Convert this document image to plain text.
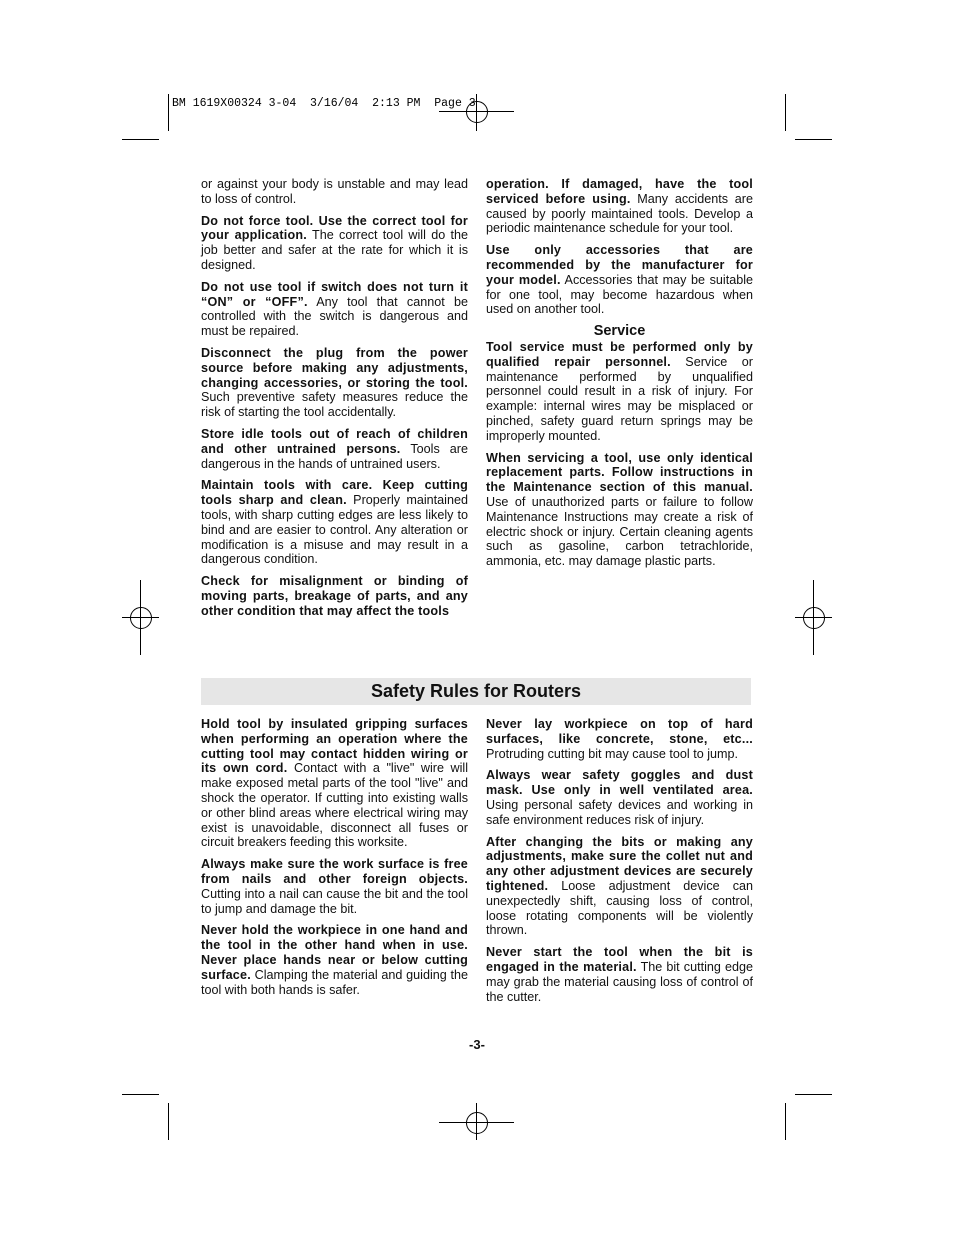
BM 1619X00324 3-04  3/16/04  2:13 PM  Page 3

or against your body is unstable and may lead to loss of control.

Do not force tool. Use the correct tool for your application. The correct tool will do the job better and safer at the rate for which it is designed.

Do not use tool if switch does not turn it “ON” or “OFF”. Any tool that cannot be controlled with the switch is dangerous and must be repaired.

Disconnect the plug from the power source before making any adjustments, changing accessories, or storing the tool. Such preventive safety measures reduce the risk of starting the tool accidentally.

Store idle tools out of reach of children and other untrained persons. Tools are dangerous in the hands of untrained users.

Maintain tools with care. Keep cutting tools sharp and clean. Properly maintained tools, with sharp cutting edges are less likely to bind and are easier to control. Any alteration or modification is a misuse and may result in a dangerous condition.

Check for misalignment or binding of moving parts, breakage of parts, and any other condition that may affect the tools

operation. If damaged, have the tool serviced before using. Many accidents are caused by poorly maintained tools. Develop a periodic maintenance schedule for your tool.

Use only accessories that are recommended by the manufacturer for your model. Accessories that may be suitable for one tool, may become hazardous when used on another tool.

Service

Tool service must be performed only by qualified repair personnel. Service or maintenance performed by unqualified personnel could result in a risk of injury. For example: internal wires may be misplaced or pinched, safety guard return springs may be improperly mounted.

When servicing a tool, use only identical replacement parts. Follow instructions in the Maintenance section of this manual. Use of unauthorized parts or failure to follow Maintenance Instructions may create a risk of electric shock or injury. Certain cleaning agents such as gasoline, carbon tetrachloride, ammonia, etc. may damage plastic parts.

Safety Rules for Routers

Hold tool by insulated gripping surfaces when performing an operation where the cutting tool may contact hidden wiring or its own cord. Contact with a "live" wire will make exposed metal parts of the tool "live" and shock the operator. If cutting into existing walls or other blind areas where electrical wiring may exist is unavoidable, disconnect all fuses or circuit breakers feeding this worksite.

Always make sure the work surface is free from nails and other foreign objects. Cutting into a nail can cause the bit and the tool to jump and damage the bit.

Never hold the workpiece in one hand and the tool in the other hand when in use. Never place hands near or below cutting surface. Clamping the material and guiding the tool with both hands is safer.

Never lay workpiece on top of hard surfaces, like concrete, stone, etc... Protruding cutting bit may cause tool to jump.

Always wear safety goggles and dust mask. Use only in well ventilated area. Using personal safety devices and working in safe environment reduces risk of injury.

After changing the bits or making any adjustments, make sure the collet nut and any other adjustment devices are securely tightened. Loose adjustment device can unexpectedly shift, causing loss of control, loose rotating components will be violently thrown.

Never start the tool when the bit is engaged in the material. The bit cutting edge may grab the material causing loss of control of the cutter.

-3-
